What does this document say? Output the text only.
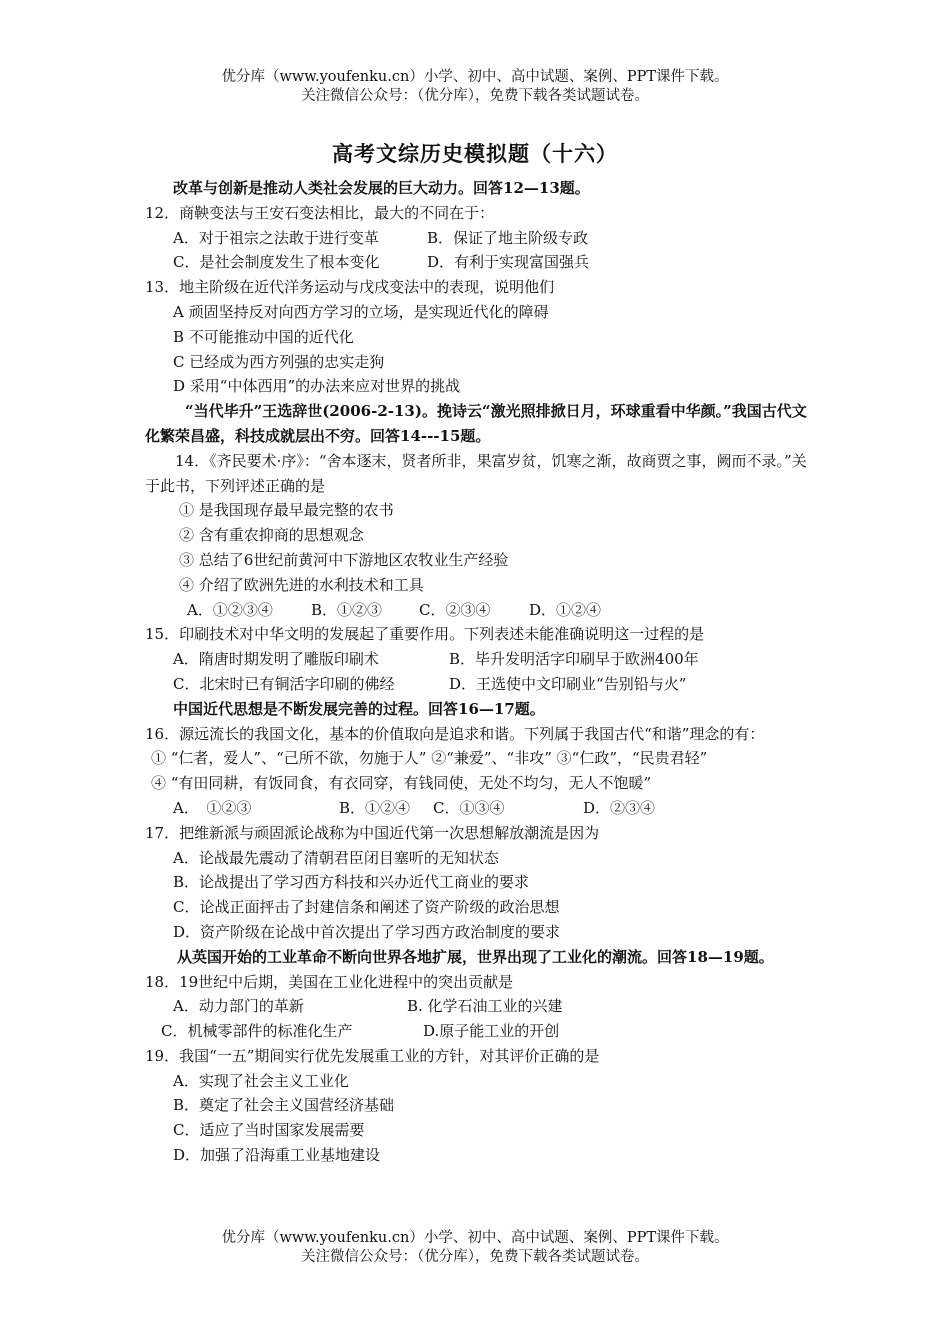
优分库（www.youfenku.cn）小学、初中、高中试题、案例、PPT课件下载。

关注微信公众号：（优分库），免费下载各类试题试卷。

高考文综历史模拟题（十六）

改革与创新是推动人类社会发展的巨大动力。回答12—13题。

12．商鞅变法与王安石变法相比，最大的不同在于：

A．对于祖宗之法敢于进行变革	B．保证了地主阶级专政

C．是社会制度发生了根本变化	D．有利于实现富国强兵

13．地主阶级在近代洋务运动与戊戌变法中的表现，说明他们

A 顽固坚持反对向西方学习的立场，是实现近代化的障碍

B 不可能推动中国的近代化

C 已经成为西方列强的忠实走狗

D 采用“中体西用”的办法来应对世界的挑战

“当代毕升”王选辞世(2006-2-13)。挽诗云“激光照排掀日月，环球重看中华颜。”我国古代文化繁荣昌盛，科技成就层出不穷。回答14---15题。

14．《齐民要术·序》：“舍本逐末，贤者所非，果富岁贫，饥寒之渐，故商贾之事，阙而不录。”关于此书，下列评述正确的是

① 是我国现存最早最完整的农书

② 含有重农抑商的思想观念

③ 总结了6世纪前黄河中下游地区农牧业生产经验

④ 介绍了欧洲先进的水利技术和工具

A．①②③④	B．①②③ C．②③④	D．①②④

15．印刷技术对中华文明的发展起了重要作用。下列表述未能准确说明这一过程的是

A．隋唐时期发明了雕版印刷术	B．毕升发明活字印刷早于欧洲400年

C．北宋时已有铜活字印刷的佛经	D．王选使中文印刷业“告别铅与火”

中国近代思想是不断发展完善的过程。回答16—17题。

16．源远流长的我国文化，基本的价值取向是追求和谐。下列属于我国古代“和谐”理念的有：

① “仁者，爱人”、“己所不欲，勿施于人” ②“兼爱”、“非攻” ③“仁政”，“民贵君轻”

④ “有田同耕，有饭同食，有衣同穿，有钱同使，无处不均匀，无人不饱暖”

A．　①②③	B．①②④ C．①③④	D．②③④

17．把维新派与顽固派论战称为中国近代第一次思想解放潮流是因为

A．论战最先震动了清朝君臣闭目塞听的无知状态

B．论战提出了学习西方科技和兴办近代工商业的要求

C．论战正面抨击了封建信条和阐述了资产阶级的政治思想

D．资产阶级在论战中首次提出了学习西方政治制度的要求

从英国开始的工业革命不断向世界各地扩展，世界出现了工业化的潮流。回答18—19题。

18．19世纪中后期，美国在工业化进程中的突出贡献是

A．动力部门的革新	B. 化学石油工业的兴建

C．机械零部件的标准化生产	D.原子能工业的开创

19．我国“一五”期间实行优先发展重工业的方针，对其评价正确的是

A．实现了社会主义工业化

B．奠定了社会主义国营经济基础

C．适应了当时国家发展需要

D．加强了沿海重工业基地建设

优分库（www.youfenku.cn）小学、初中、高中试题、案例、PPT课件下载。

关注微信公众号：（优分库），免费下载各类试题试卷。
